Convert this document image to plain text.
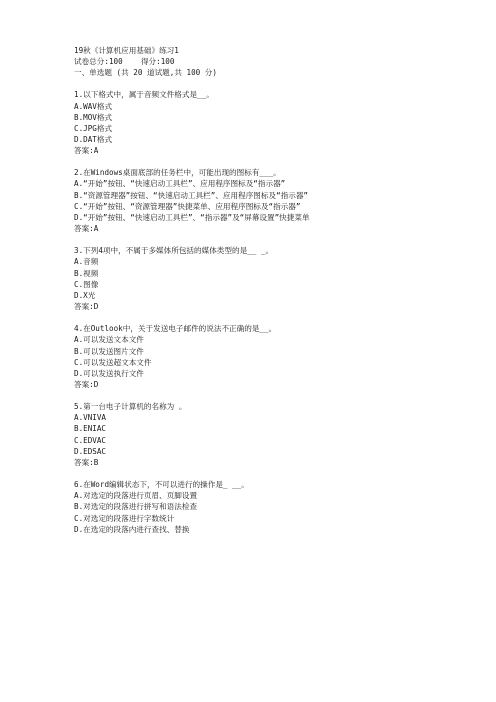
19秋《计算机应用基础》练习1
试卷总分:100    得分:100
一、单选题 (共 20 道试题,共 100 分)
1.以下格式中，属于音频文件格式是__。
A.WAV格式
B.MOV格式
C.JPG格式
D.DAT格式
答案:A
2.在Windows桌面底部的任务栏中，可能出现的图标有___。
A.“开始”按钮、“快速启动工具栏”、应用程序图标及“指示器”
B.“资源管理器”按钮、“快速启动工具栏”、应用程序图标及“指示器”
C.“开始”按钮、“资源管理器”快捷菜单、应用程序图标及“指示器”
D.“开始”按钮、“快速启动工具栏”、“指示器”及“屏幕设置”快捷菜单
答案:A
3.下列4项中，不属于多媒体所包括的媒体类型的是__ _。
A.音频
B.视频
C.图像
D.X光
答案:D
4.在Outlook中，关于发送电子邮件的说法不正确的是__。
A.可以发送文本文件
B.可以发送图片文件
C.可以发送超文本文件
D.可以发送执行文件
答案:D
5.第一台电子计算机的名称为 。
A.VNIVA
B.ENIAC
C.EDVAC
D.EDSAC
答案:B
6.在Word编辑状态下，不可以进行的操作是_ __。
A.对选定的段落进行页眉、页脚设置
B.对选定的段落进行拼写和语法检查
C.对选定的段落进行字数统计
D.在选定的段落内进行查找、替换
